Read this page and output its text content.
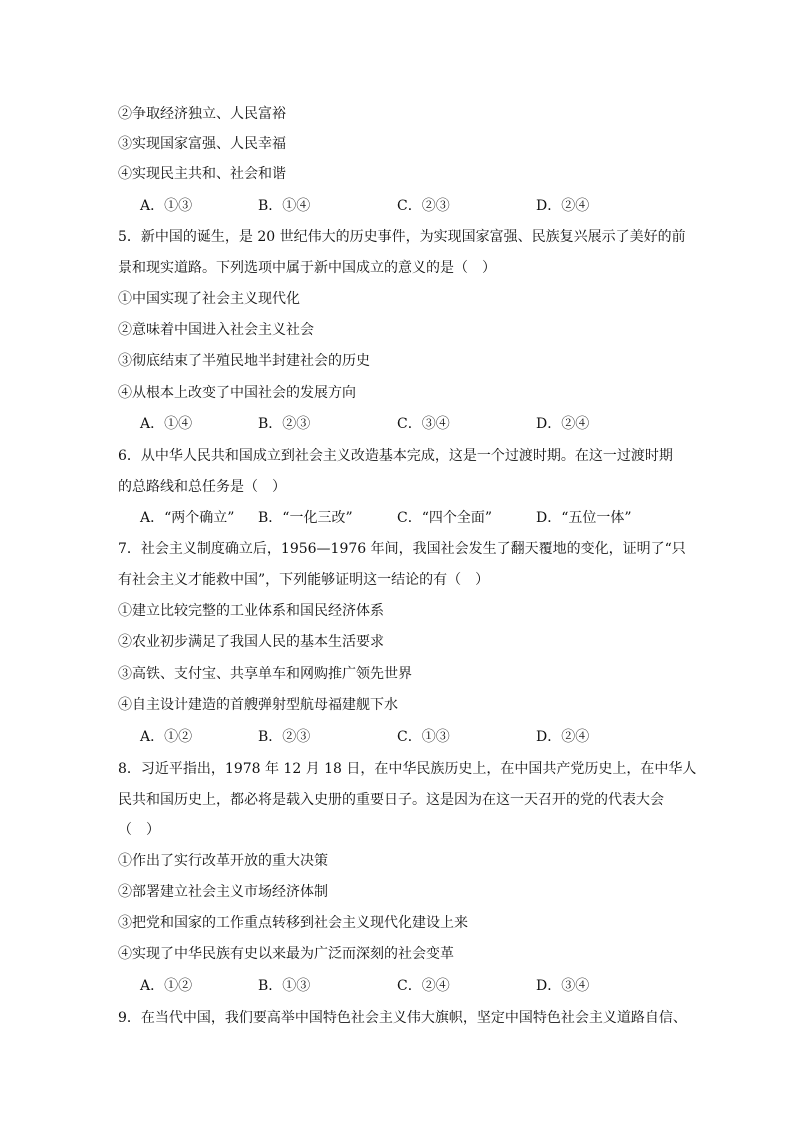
②争取经济独立、人民富裕
③实现国家富强、人民幸福
④实现民主共和、社会和谐
A．①③	B．①④	C．②③	D．②④
5．新中国的诞生，是 20 世纪伟大的历史事件，为实现国家富强、民族复兴展示了美好的前
景和现实道路。下列选项中属于新中国成立的意义的是（　）
①中国实现了社会主义现代化
②意味着中国进入社会主义社会
③彻底结束了半殖民地半封建社会的历史
④从根本上改变了中国社会的发展方向
A．①④	B．②③	C．③④	D．②④
6．从中华人民共和国成立到社会主义改造基本完成，这是一个过渡时期。在这一过渡时期
的总路线和总任务是（　）
A．“两个确立” B．“一化三改”	C．“四个全面”	D．“五位一体”
7．社会主义制度确立后，1956—1976 年间，我国社会发生了翻天覆地的变化，证明了“只
有社会主义才能救中国”，下列能够证明这一结论的有（　）
①建立比较完整的工业体系和国民经济体系
②农业初步满足了我国人民的基本生活要求
③高铁、支付宝、共享单车和网购推广领先世界
④自主设计建造的首艘弹射型航母福建舰下水
A．①②	B．②③	C．①③	D．②④
8．习近平指出，1978 年 12 月 18 日，在中华民族历史上，在中国共产党历史上，在中华人
民共和国历史上，都必将是载入史册的重要日子。这是因为在这一天召开的党的代表大会
（　）
①作出了实行改革开放的重大决策
②部署建立社会主义市场经济体制
③把党和国家的工作重点转移到社会主义现代化建设上来
④实现了中华民族有史以来最为广泛而深刻的社会变革
A．①②	B．①③	C．②④	D．③④
9．在当代中国，我们要高举中国特色社会主义伟大旗帜，坚定中国特色社会主义道路自信、
